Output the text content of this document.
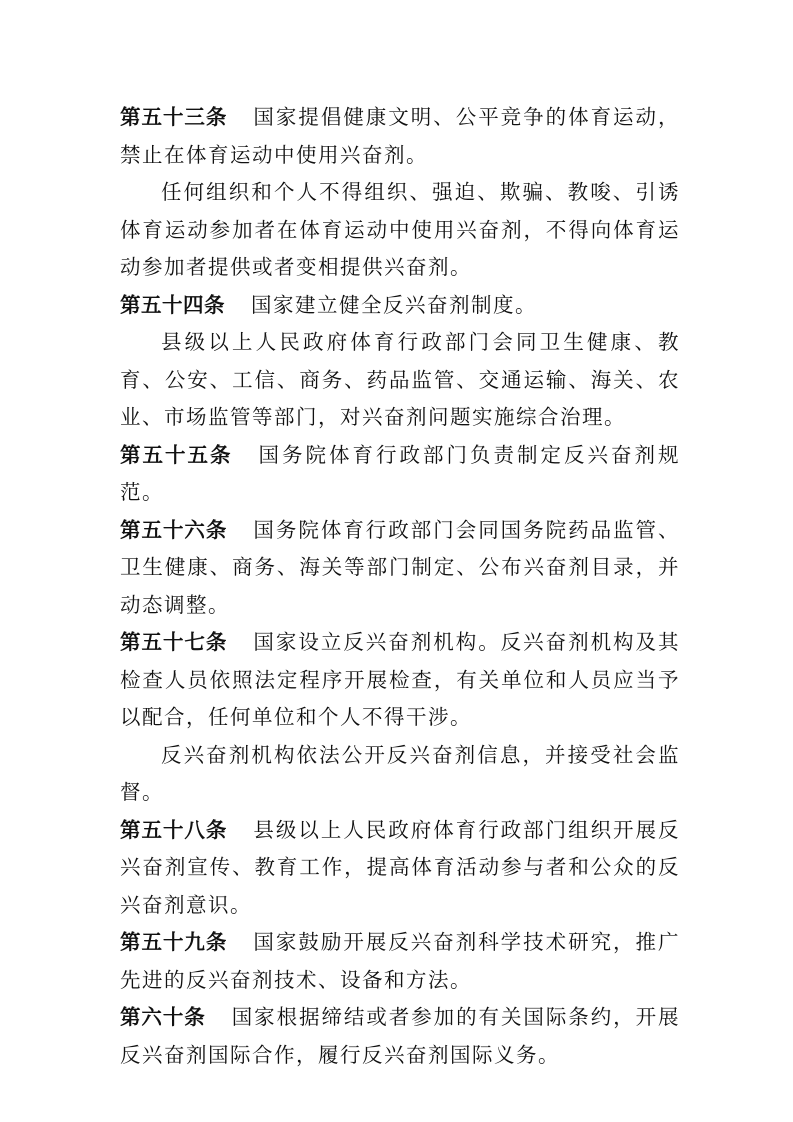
第五十三条 国家提倡健康文明、公平竞争的体育运动，禁止在体育运动中使用兴奋剂。

任何组织和个人不得组织、强迫、欺骗、教唆、引诱体育运动参加者在体育运动中使用兴奋剂，不得向体育运动参加者提供或者变相提供兴奋剂。

第五十四条 国家建立健全反兴奋剂制度。

县级以上人民政府体育行政部门会同卫生健康、教育、公安、工信、商务、药品监管、交通运输、海关、农业、市场监管等部门，对兴奋剂问题实施综合治理。

第五十五条 国务院体育行政部门负责制定反兴奋剂规范。

第五十六条 国务院体育行政部门会同国务院药品监管、卫生健康、商务、海关等部门制定、公布兴奋剂目录，并动态调整。

第五十七条 国家设立反兴奋剂机构。反兴奋剂机构及其检查人员依照法定程序开展检查，有关单位和人员应当予以配合，任何单位和个人不得干涉。

反兴奋剂机构依法公开反兴奋剂信息，并接受社会监督。

第五十八条 县级以上人民政府体育行政部门组织开展反兴奋剂宣传、教育工作，提高体育活动参与者和公众的反兴奋剂意识。

第五十九条 国家鼓励开展反兴奋剂科学技术研究，推广先进的反兴奋剂技术、设备和方法。

第六十条 国家根据缔结或者参加的有关国际条约，开展反兴奋剂国际合作，履行反兴奋剂国际义务。
